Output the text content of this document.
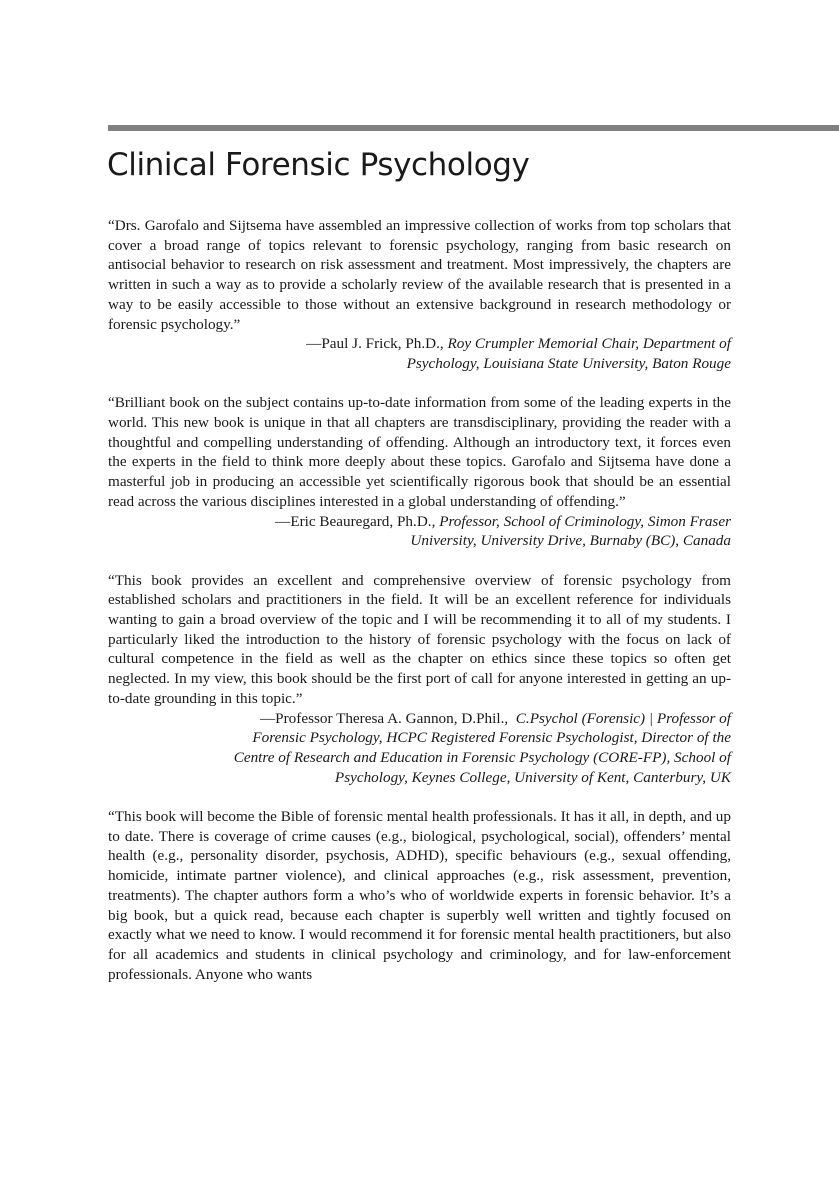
Clinical Forensic Psychology

“Drs. Garofalo and Sijtsema have assembled an impressive collection of works from top scholars that cover a broad range of topics relevant to forensic psychology, ranging from basic research on antisocial behavior to research on risk assessment and treatment. Most impressively, the chapters are written in such a way as to provide a scholarly review of the available research that is presented in a way to be easily accessible to those without an extensive background in research methodology or forensic psychology.”

—Paul J. Frick, Ph.D., Roy Crumpler Memorial Chair, Department of
Psychology, Louisiana State University, Baton Rouge

“Brilliant book on the subject contains up-to-date information from some of the leading experts in the world. This new book is unique in that all chapters are transdisciplinary, providing the reader with a thoughtful and compelling understanding of offending. Although an introductory text, it forces even the experts in the field to think more deeply about these topics. Garofalo and Sijtsema have done a masterful job in producing an accessible yet scientifically rigorous book that should be an essential read across the various disciplines interested in a global understanding of offending.”

—Eric Beauregard, Ph.D., Professor, School of Criminology, Simon Fraser
University, University Drive, Burnaby (BC), Canada

“This book provides an excellent and comprehensive overview of forensic psychology from established scholars and practitioners in the field. It will be an excellent reference for individuals wanting to gain a broad overview of the topic and I will be recommending it to all of my students. I particularly liked the introduction to the history of forensic psychology with the focus on lack of cultural competence in the field as well as the chapter on ethics since these topics so often get neglected. In my view, this book should be the first port of call for anyone interested in getting an up-to-date grounding in this topic.”

—Professor Theresa A. Gannon, D.Phil., C.Psychol (Forensic) | Professor of
Forensic Psychology, HCPC Registered Forensic Psychologist, Director of the
Centre of Research and Education in Forensic Psychology (CORE-FP), School of
Psychology, Keynes College, University of Kent, Canterbury, UK

“This book will become the Bible of forensic mental health professionals. It has it all, in depth, and up to date. There is coverage of crime causes (e.g., biological, psychological, social), offenders’ mental health (e.g., personality disorder, psychosis, ADHD), specific behaviours (e.g., sexual offending, homicide, intimate partner violence), and clinical approaches (e.g., risk assessment, prevention, treatments). The chapter authors form a who’s who of worldwide experts in forensic behavior. It’s a big book, but a quick read, because each chapter is superbly well written and tightly focused on exactly what we need to know. I would recommend it for forensic mental health practitioners, but also for all academics and students in clinical psychology and criminology, and for law-enforcement professionals. Anyone who wants
